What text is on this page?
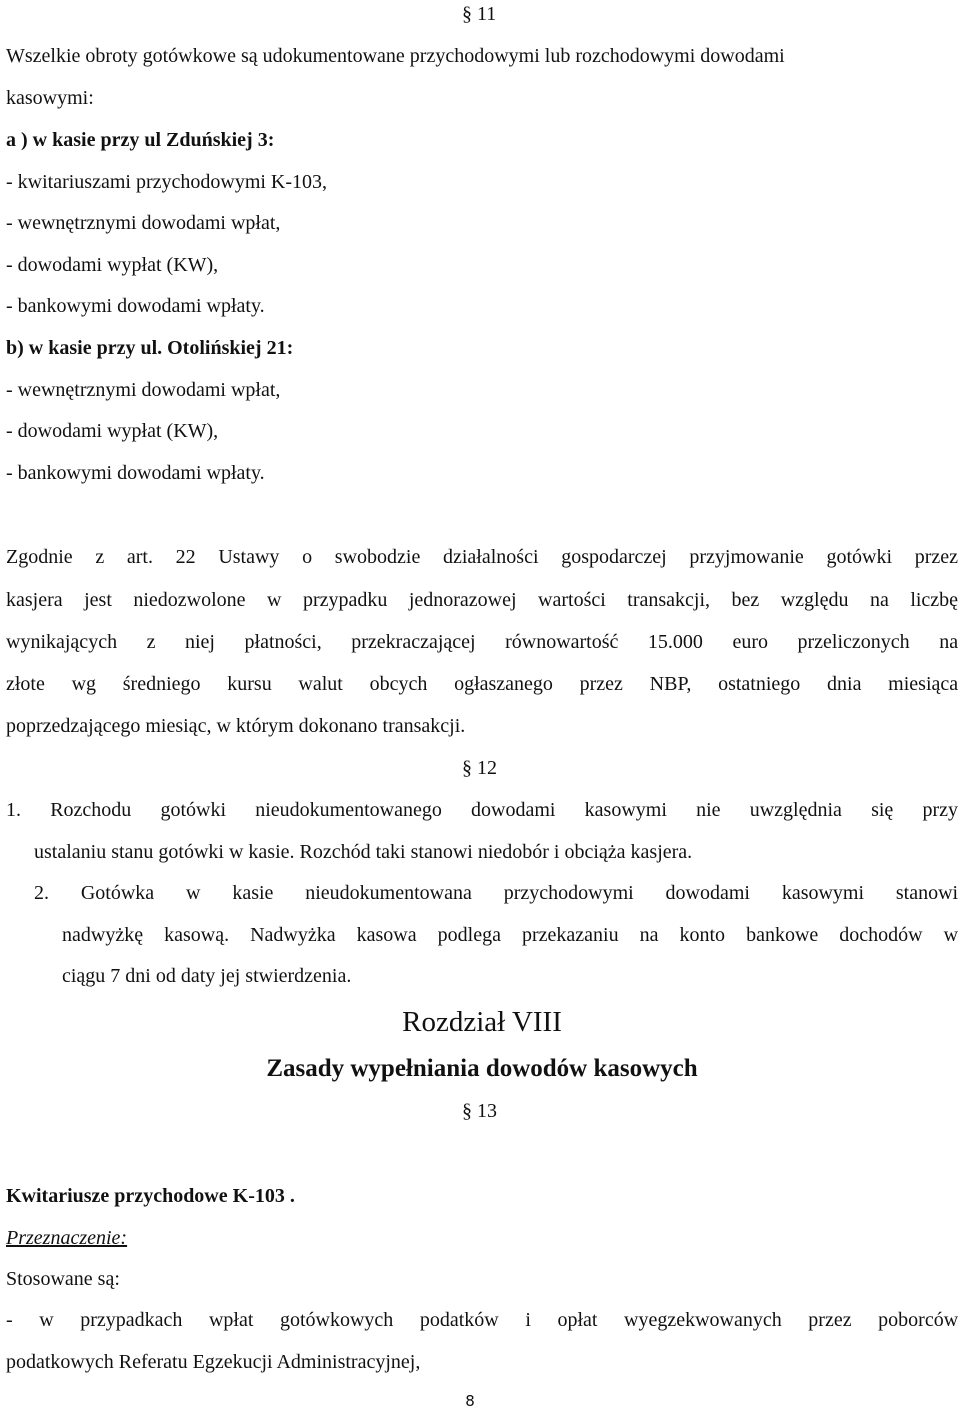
§ 11
Wszelkie obroty gotówkowe są udokumentowane przychodowymi lub rozchodowymi dowodami
kasowymi:
a ) w kasie przy ul Zduńskiej 3:
- kwitariuszami przychodowymi K-103,
- wewnętrznymi dowodami wpłat,
- dowodami wypłat (KW),
- bankowymi dowodami wpłaty.
b) w kasie przy ul. Otolińskiej 21:
- wewnętrznymi dowodami wpłat,
- dowodami wypłat (KW),
- bankowymi dowodami wpłaty.
Zgodnie z art. 22 Ustawy o swobodzie działalności gospodarczej przyjmowanie gotówki przez
kasjera jest niedozwolone w przypadku jednorazowej wartości transakcji, bez względu na liczbę
wynikających z niej płatności, przekraczającej równowartość 15.000 euro przeliczonych na
złote wg średniego kursu walut obcych ogłaszanego przez NBP, ostatniego dnia miesiąca
poprzedzającego miesiąc, w którym dokonano transakcji.
§ 12
1. Rozchodu gotówki nieudokumentowanego dowodami kasowymi nie uwzględnia się przy
ustalaniu stanu gotówki w kasie. Rozchód taki stanowi niedobór i obciąża kasjera.
2. Gotówka w kasie nieudokumentowana przychodowymi dowodami kasowymi stanowi
nadwyżkę kasową. Nadwyżka kasowa podlega przekazaniu na konto bankowe dochodów w
ciągu 7 dni od daty jej stwierdzenia.
Rozdział VIII
Zasady wypełniania dowodów kasowych
§ 13
Kwitariusze przychodowe K-103 .
Przeznaczenie:
Stosowane są:
- w przypadkach wpłat gotówkowych podatków i opłat wyegzekwowanych przez poborców
podatkowych Referatu Egzekucji Administracyjnej,
8
